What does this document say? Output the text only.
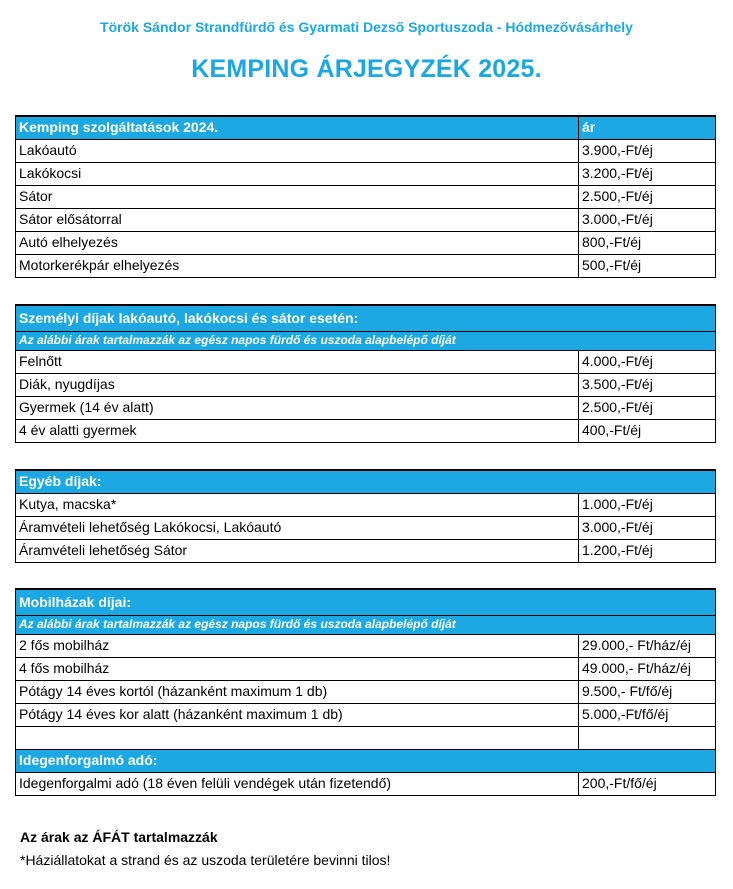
Török Sándor Strandfürdő és Gyarmati Dezső Sportuszoda - Hódmezővásárhely
KEMPING ÁRJEGYZÉK 2025.
Kemping szolgáltatások 2024.	ár
Lakóautó	3.900,-Ft/éj
Lakókocsi	3.200,-Ft/éj
Sátor	2.500,-Ft/éj
Sátor elősátorral	3.000,-Ft/éj
Autó elhelyezés	800,-Ft/éj
Motorkerékpár elhelyezés	500,-Ft/éj
Személyi díjak lakóautó, lakókocsi és sátor esetén:	
Az alábbi árak tartalmazzák az egész napos fürdő és uszoda alapbelépő díját	
Felnőtt	4.000,-Ft/éj
Diák, nyugdíjas	3.500,-Ft/éj
Gyermek (14 év alatt)	2.500,-Ft/éj
4 év alatti gyermek	400,-Ft/éj
Egyéb díjak:	
Kutya, macska*	1.000,-Ft/éj
Áramvételi lehetőség Lakókocsi, Lakóautó	3.000,-Ft/éj
Áramvételi lehetőség Sátor	1.200,-Ft/éj
Mobilházak díjai:	
Az alábbi árak tartalmazzák az egész napos fürdő és uszoda alapbelépő díját	
2 fős mobilház	29.000,- Ft/ház/éj
4 fős mobilház	49.000,- Ft/ház/éj
Pótágy 14 éves kortól (házanként maximum 1 db)	9.500,- Ft/fő/éj
Pótágy 14 éves kor alatt (házanként maximum 1 db)	5.000,-Ft/fő/éj

Idegenforgalmó adó:	
Idegenforgalmi adó (18 éven felüli vendégek után fizetendő)	200,-Ft/fő/éj
Az árak az ÁFÁT tartalmazzák
*Háziállatokat a strand és az uszoda területére bevinni tilos!
